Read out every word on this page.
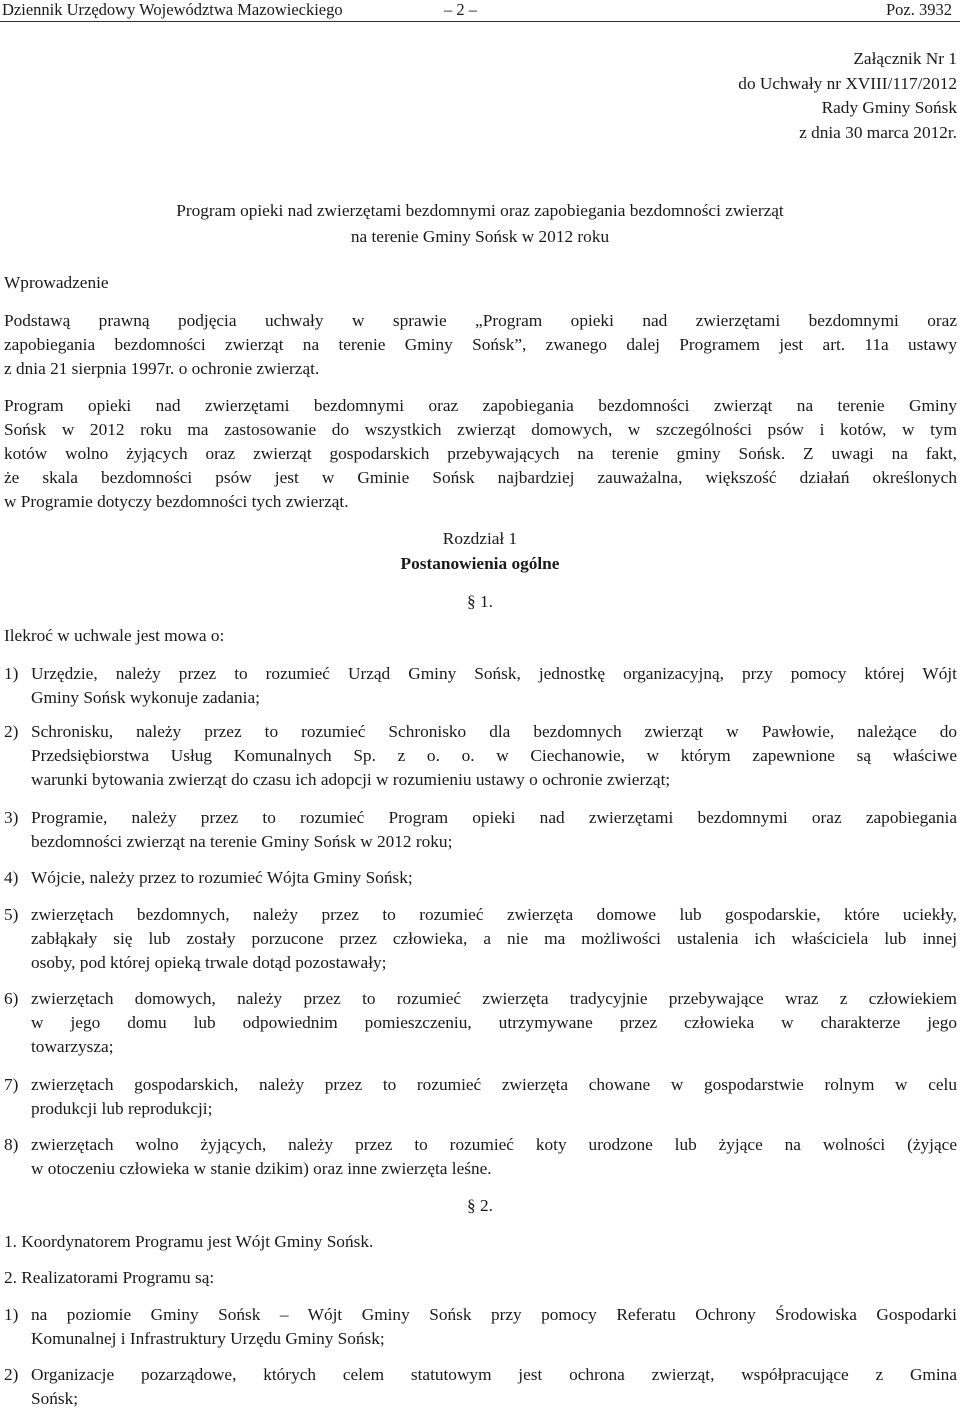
Dziennik Urzędowy Województwa Mazowieckiego	– 2 –	Poz. 3932
Załącznik Nr 1
do Uchwały nr XVIII/117/2012
Rady Gminy Sońsk
z dnia 30 marca 2012r.
Program opieki nad zwierzętami bezdomnymi oraz zapobiegania bezdomności zwierząt
na terenie Gminy Sońsk w 2012 roku
Wprowadzenie
Podstawą prawną podjęcia uchwały w sprawie „Program opieki nad zwierzętami bezdomnymi oraz
zapobiegania bezdomności zwierząt na terenie Gminy Sońsk”, zwanego dalej Programem jest art. 11a ustawy
z dnia 21 sierpnia 1997r. o ochronie zwierząt.
Program opieki nad zwierzętami bezdomnymi oraz zapobiegania bezdomności zwierząt na terenie Gminy
Sońsk w 2012 roku ma zastosowanie do wszystkich zwierząt domowych, w szczególności psów i kotów, w tym
kotów wolno żyjących oraz zwierząt gospodarskich przebywających na terenie gminy Sońsk. Z uwagi na fakt,
że skala bezdomności psów jest w Gminie Sońsk najbardziej zauważalna, większość działań określonych
w Programie dotyczy bezdomności tych zwierząt.
Rozdział 1
Postanowienia ogólne
§ 1.
Ilekroć w uchwale jest mowa o:
1) Urzędzie, należy przez to rozumieć Urząd Gminy Sońsk, jednostkę organizacyjną, przy pomocy której Wójt
Gminy Sońsk wykonuje zadania;
2) Schronisku, należy przez to rozumieć Schronisko dla bezdomnych zwierząt w Pawłowie, należące do
Przedsiębiorstwa Usług Komunalnych Sp. z o. o. w Ciechanowie, w którym zapewnione są właściwe
warunki bytowania zwierząt do czasu ich adopcji w rozumieniu ustawy o ochronie zwierząt;
3) Programie, należy przez to rozumieć Program opieki nad zwierzętami bezdomnymi oraz zapobiegania
bezdomności zwierząt na terenie Gminy Sońsk w 2012 roku;
4) Wójcie, należy przez to rozumieć Wójta Gminy Sońsk;
5) zwierzętach bezdomnych, należy przez to rozumieć zwierzęta domowe lub gospodarskie, które uciekły,
zabłąkały się lub zostały porzucone przez człowieka, a nie ma możliwości ustalenia ich właściciela lub innej
osoby, pod której opieką trwale dotąd pozostawały;
6) zwierzętach domowych, należy przez to rozumieć zwierzęta tradycyjnie przebywające wraz z człowiekiem
w jego domu lub odpowiednim pomieszczeniu, utrzymywane przez człowieka w charakterze jego
towarzysza;
7) zwierzętach gospodarskich, należy przez to rozumieć zwierzęta chowane w gospodarstwie rolnym w celu
produkcji lub reprodukcji;
8) zwierzętach wolno żyjących, należy przez to rozumieć koty urodzone lub żyjące na wolności (żyjące
w otoczeniu człowieka w stanie dzikim) oraz inne zwierzęta leśne.
§ 2.
1. Koordynatorem Programu jest Wójt Gminy Sońsk.
2. Realizatorami Programu są:
1) na poziomie Gminy Sońsk – Wójt Gminy Sońsk przy pomocy Referatu Ochrony Środowiska Gospodarki
Komunalnej i Infrastruktury Urzędu Gminy Sońsk;
2) Organizacje pozarządowe, których celem statutowym jest ochrona zwierząt, współpracujące z Gmina
Sońsk;
